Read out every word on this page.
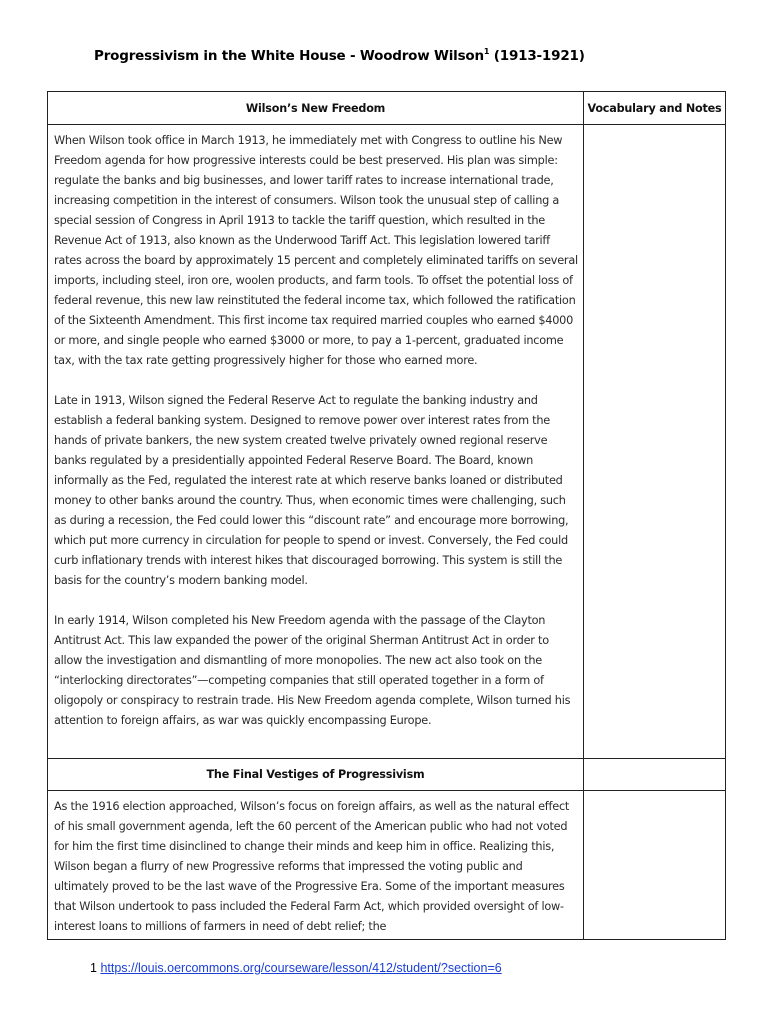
Progressivism in the White House - Woodrow Wilson$^1$ (1913-1921)
Wilson’s New Freedom	Vocabulary and Notes

When Wilson took office in March 1913, he immediately met with Congress to outline his New Freedom agenda for how progressive interests could be best preserved. His plan was simple: regulate the banks and big businesses, and lower tariff rates to increase international trade, increasing competition in the interest of consumers. Wilson took the unusual step of calling a special session of Congress in April 1913 to tackle the tariff question, which resulted in the Revenue Act of 1913, also known as the Underwood Tariff Act. This legislation lowered tariff rates across the board by approximately 15 percent and completely eliminated tariffs on several imports, including steel, iron ore, woolen products, and farm tools. To offset the potential loss of federal revenue, this new law reinstituted the federal income tax, which followed the ratification of the Sixteenth Amendment. This first income tax required married couples who earned $4000 or more, and single people who earned $3000 or more, to pay a 1-percent, graduated income tax, with the tax rate getting progressively higher for those who earned more.

Late in 1913, Wilson signed the Federal Reserve Act to regulate the banking industry and establish a federal banking system. Designed to remove power over interest rates from the hands of private bankers, the new system created twelve privately owned regional reserve banks regulated by a presidentially appointed Federal Reserve Board. The Board, known informally as the Fed, regulated the interest rate at which reserve banks loaned or distributed money to other banks around the country. Thus, when economic times were challenging, such as during a recession, the Fed could lower this “discount rate” and encourage more borrowing, which put more currency in circulation for people to spend or invest. Conversely, the Fed could curb inflationary trends with interest hikes that discouraged borrowing. This system is still the basis for the country’s modern banking model.

In early 1914, Wilson completed his New Freedom agenda with the passage of the Clayton Antitrust Act. This law expanded the power of the original Sherman Antitrust Act in order to allow the investigation and dismantling of more monopolies. The new act also took on the “interlocking directorates”—competing companies that still operated together in a form of oligopoly or conspiracy to restrain trade. His New Freedom agenda complete, Wilson turned his attention to foreign affairs, as war was quickly encompassing Europe.	

The Final Vestiges of Progressivism	

As the 1916 election approached, Wilson’s focus on foreign affairs, as well as the natural effect of his small government agenda, left the 60 percent of the American public who had not voted for him the first time disinclined to change their minds and keep him in office. Realizing this, Wilson began a flurry of new Progressive reforms that impressed the voting public and ultimately proved to be the last wave of the Progressive Era. Some of the important measures that Wilson undertook to pass included the Federal Farm Act, which provided oversight of low-interest loans to millions of farmers in need of debt relief; the	

1 https://louis.oercommons.org/courseware/lesson/412/student/?section=6
